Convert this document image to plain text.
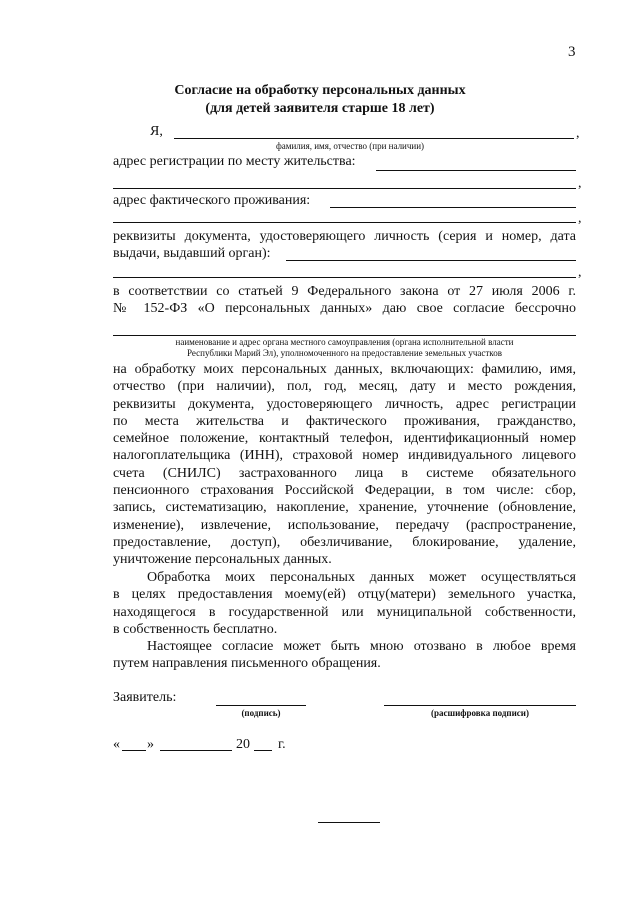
3
Согласие на обработку персональных данных
(для детей заявителя старше 18 лет)
Я,	,
фамилия, имя, отчество (при наличии)
адрес регистрации по месту жительства:
,
адрес фактического проживания:
,
реквизиты документа, удостоверяющего личность (серия и номер, дата
выдачи, выдавший орган):
,
в соответствии со статьей 9 Федерального закона от 27 июля 2006 г.
№ 152-ФЗ «О персональных данных» даю свое согласие бессрочно
наименование и адрес органа местного самоуправления (органа исполнительной власти
Республики Марий Эл), уполномоченного на предоставление земельных участков
на обработку моих персональных данных, включающих: фамилию, имя,
отчество (при наличии), пол, год, месяц, дату и место рождения,
реквизиты документа, удостоверяющего личность, адрес регистрации
по места жительства и фактического проживания, гражданство,
семейное положение, контактный телефон, идентификационный номер
налогоплательщика (ИНН), страховой номер индивидуального лицевого
счета (СНИЛС) застрахованного лица в системе обязательного
пенсионного страхования Российской Федерации, в том числе: сбор,
запись, систематизацию, накопление, хранение, уточнение (обновление,
изменение), извлечение, использование, передачу (распространение,
предоставление, доступ), обезличивание, блокирование, удаление,
уничтожение персональных данных.
Обработка моих персональных данных может осуществляться
в целях предоставления моему(ей) отцу(матери) земельного участка,
находящегося в государственной или муниципальной собственности,
в собственность бесплатно.
Настоящее согласие может быть мною отозвано в любое время
путем направления письменного обращения.
Заявитель:
(подпись)	(расшифровка подписи)
« »	20 г.
